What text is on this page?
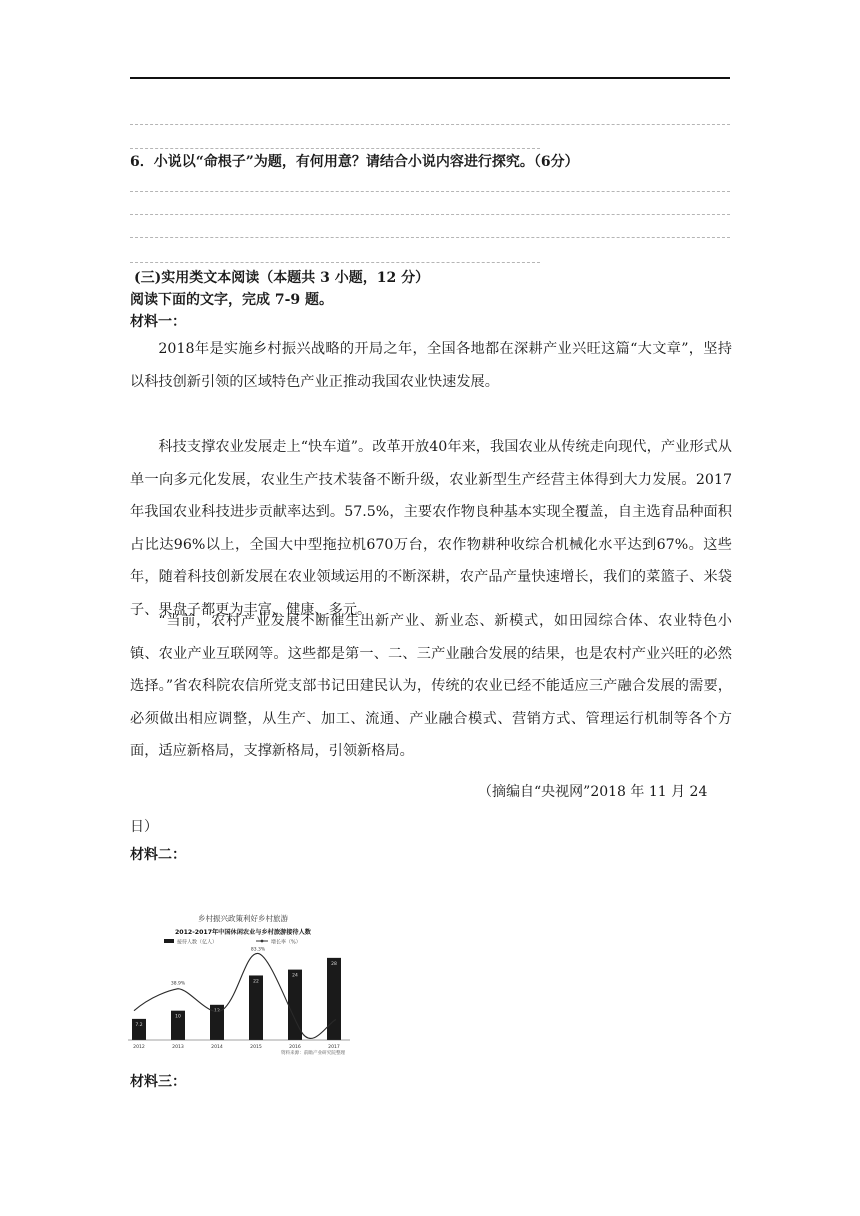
6．小说以“命根子”为题，有何用意？请结合小说内容进行探究。（6分）
(三)实用类文本阅读（本题共 3 小题，12 分）
阅读下面的文字，完成 7-9 题。
材料一：
2018年是实施乡村振兴战略的开局之年，全国各地都在深耕产业兴旺这篇“大文章”，坚持以科技创新引领的区域特色产业正推动我国农业快速发展。
科技支撑农业发展走上“快车道”。改革开放40年来，我国农业从传统走向现代，产业形式从单一向多元化发展，农业生产技术装备不断升级，农业新型生产经营主体得到大力发展。2017年我国农业科技进步贡献率达到。57.5%，主要农作物良种基本实现全覆盖，自主选育品种面积占比达96%以上，全国大中型拖拉机670万台，农作物耕种收综合机械化水平达到67%。这些年，随着科技创新发展在农业领域运用的不断深耕，农产品产量快速增长，我们的菜篮子、米袋子、果盘子都更为丰富、健康、多元。
“当前，农村产业发展不断催生出新产业、新业态、新模式，如田园综合体、农业特色小镇、农业产业互联网等。这些都是第一、二、三产业融合发展的结果，也是农村产业兴旺的必然选择。”省农科院农信所党支部书记田建民认为，传统的农业已经不能适应三产融合发展的需要，必须做出相应调整，从生产、加工、流通、产业融合模式、营销方式、管理运行机制等各个方面，适应新格局，支撑新格局，引领新格局。
（摘编自“央视网”2018 年 11 月 24
日）
材料二：
乡村振兴政策利好乡村旅游
2012-2017年中国休闲农业与乡村旅游接待人数
接待人数（亿人）	增长率（%）
7.2
2012
10
2013
12
2014
22
2015
24
2016
28
2017
38.9%
83.3%
资料来源：前瞻产业研究院整理
材料三：
